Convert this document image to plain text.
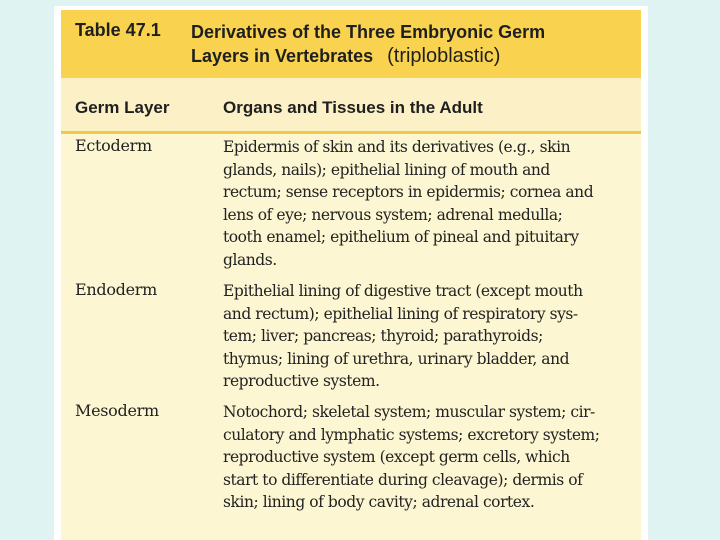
Table 47.1 Derivatives of the Three Embryonic Germ
Layers in Vertebrates (triploblastic)
Germ Layer	Organs and Tissues in the Adult
Ectoderm	Epidermis of skin and its derivatives (e.g., skin
glands, nails); epithelial lining of mouth and
rectum; sense receptors in epidermis; cornea and
lens of eye; nervous system; adrenal medulla;
tooth enamel; epithelium of pineal and pituitary
glands.
Endoderm	Epithelial lining of digestive tract (except mouth
and rectum); epithelial lining of respiratory sys-
tem; liver; pancreas; thyroid; parathyroids;
thymus; lining of urethra, urinary bladder, and
reproductive system.
Mesoderm	Notochord; skeletal system; muscular system; cir-
culatory and lymphatic systems; excretory system;
reproductive system (except germ cells, which
start to differentiate during cleavage); dermis of
skin; lining of body cavity; adrenal cortex.
